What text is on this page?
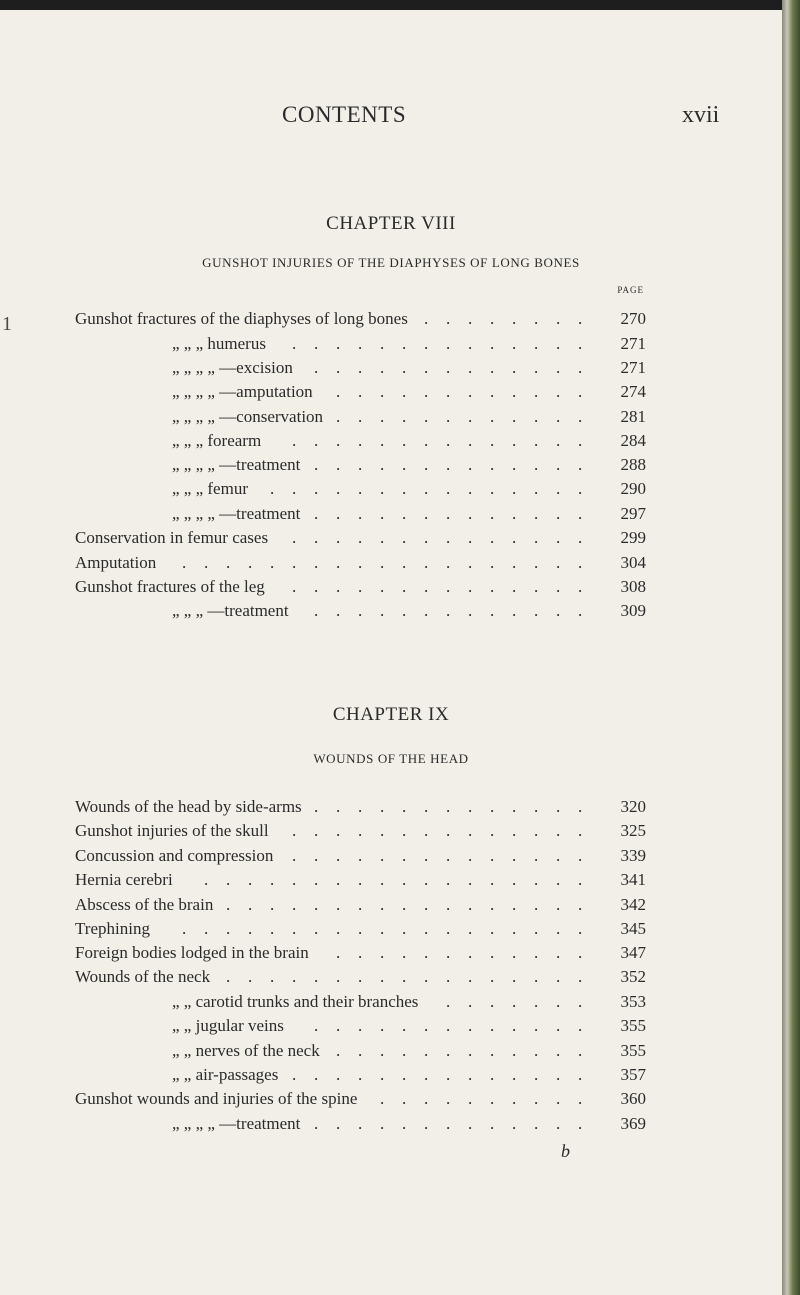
1
CONTENTS	xvii
CHAPTER VIII
GUNSHOT INJURIES OF THE DIAPHYSES OF LONG BONES
PAGE
Gunshot fractures of the diaphyses of long bones	270
.
.
.
.
.
.
.
.
„ „ „ humerus	271
.
.
.
.
.
.
.
.
.
.
.
.
.
.
„ „ „ „ —excision	271
.
.
.
.
.
.
.
.
.
.
.
.
.
„ „ „ „ —amputation	274
.
.
.
.
.
.
.
.
.
.
.
.
„ „ „ „ —conservation	281
.
.
.
.
.
.
.
.
.
.
.
.
„ „ „ forearm	284
.
.
.
.
.
.
.
.
.
.
.
.
.
.
„ „ „ „ —treatment	288
.
.
.
.
.
.
.
.
.
.
.
.
.
„ „ „ femur	290
.
.
.
.
.
.
.
.
.
.
.
.
.
.
.
„ „ „ „ —treatment	297
.
.
.
.
.
.
.
.
.
.
.
.
.
Conservation in femur cases	299
.
.
.
.
.
.
.
.
.
.
.
.
.
.
Amputation	304
.
.
.
.
.
.
.
.
.
.
.
.
.
.
.
.
.
.
.
Gunshot fractures of the leg	308
.
.
.
.
.
.
.
.
.
.
.
.
.
.
„ „ „ —treatment	309
.
.
.
.
.
.
.
.
.
.
.
.
.
CHAPTER IX
WOUNDS OF THE HEAD
Wounds of the head by side-arms	320
.
.
.
.
.
.
.
.
.
.
.
.
.
Gunshot injuries of the skull	325
.
.
.
.
.
.
.
.
.
.
.
.
.
.
Concussion and compression	339
.
.
.
.
.
.
.
.
.
.
.
.
.
.
Hernia cerebri	341
.
.
.
.
.
.
.
.
.
.
.
.
.
.
.
.
.
.
Abscess of the brain	342
.
.
.
.
.
.
.
.
.
.
.
.
.
.
.
.
.
Trephining	345
.
.
.
.
.
.
.
.
.
.
.
.
.
.
.
.
.
.
.
Foreign bodies lodged in the brain	347
.
.
.
.
.
.
.
.
.
.
.
.
Wounds of the neck	352
.
.
.
.
.
.
.
.
.
.
.
.
.
.
.
.
.
„ „ carotid trunks and their branches	353
.
.
.
.
.
.
.
„ „ jugular veins	355
.
.
.
.
.
.
.
.
.
.
.
.
.
„ „ nerves of the neck	355
.
.
.
.
.
.
.
.
.
.
.
.
„ „ air-passages	357
.
.
.
.
.
.
.
.
.
.
.
.
.
.
Gunshot wounds and injuries of the spine	360
.
.
.
.
.
.
.
.
.
.
„ „ „ „ —treatment	369
.
.
.
.
.
.
.
.
.
.
.
.
.
b
